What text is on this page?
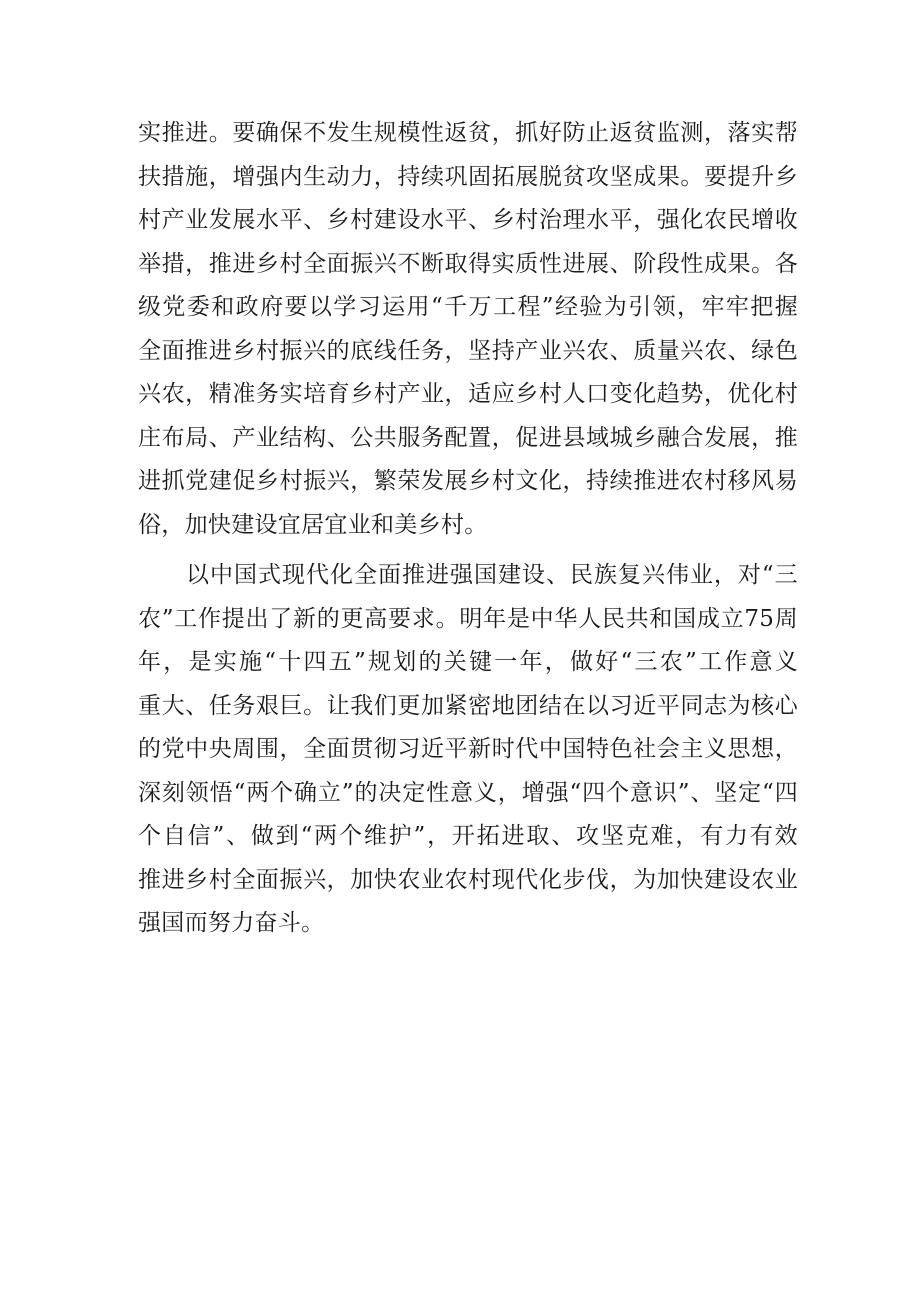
实推进。要确保不发生规模性返贫，抓好防止返贫监测，落实帮
扶措施，增强内生动力，持续巩固拓展脱贫攻坚成果。要提升乡
村产业发展水平、乡村建设水平、乡村治理水平，强化农民增收
举措，推进乡村全面振兴不断取得实质性进展、阶段性成果。各
级党委和政府要以学习运用“千万工程”经验为引领，牢牢把握
全面推进乡村振兴的底线任务，坚持产业兴农、质量兴农、绿色
兴农，精准务实培育乡村产业，适应乡村人口变化趋势，优化村
庄布局、产业结构、公共服务配置，促进县域城乡融合发展，推
进抓党建促乡村振兴，繁荣发展乡村文化，持续推进农村移风易
俗，加快建设宜居宜业和美乡村。
　　以中国式现代化全面推进强国建设、民族复兴伟业，对“三
农”工作提出了新的更高要求。明年是中华人民共和国成立75周
年，是实施“十四五”规划的关键一年，做好“三农”工作意义
重大、任务艰巨。让我们更加紧密地团结在以习近平同志为核心
的党中央周围，全面贯彻习近平新时代中国特色社会主义思想，
深刻领悟“两个确立”的决定性意义，增强“四个意识”、坚定“四
个自信”、做到“两个维护”，开拓进取、攻坚克难，有力有效
推进乡村全面振兴，加快农业农村现代化步伐，为加快建设农业
强国而努力奋斗。
